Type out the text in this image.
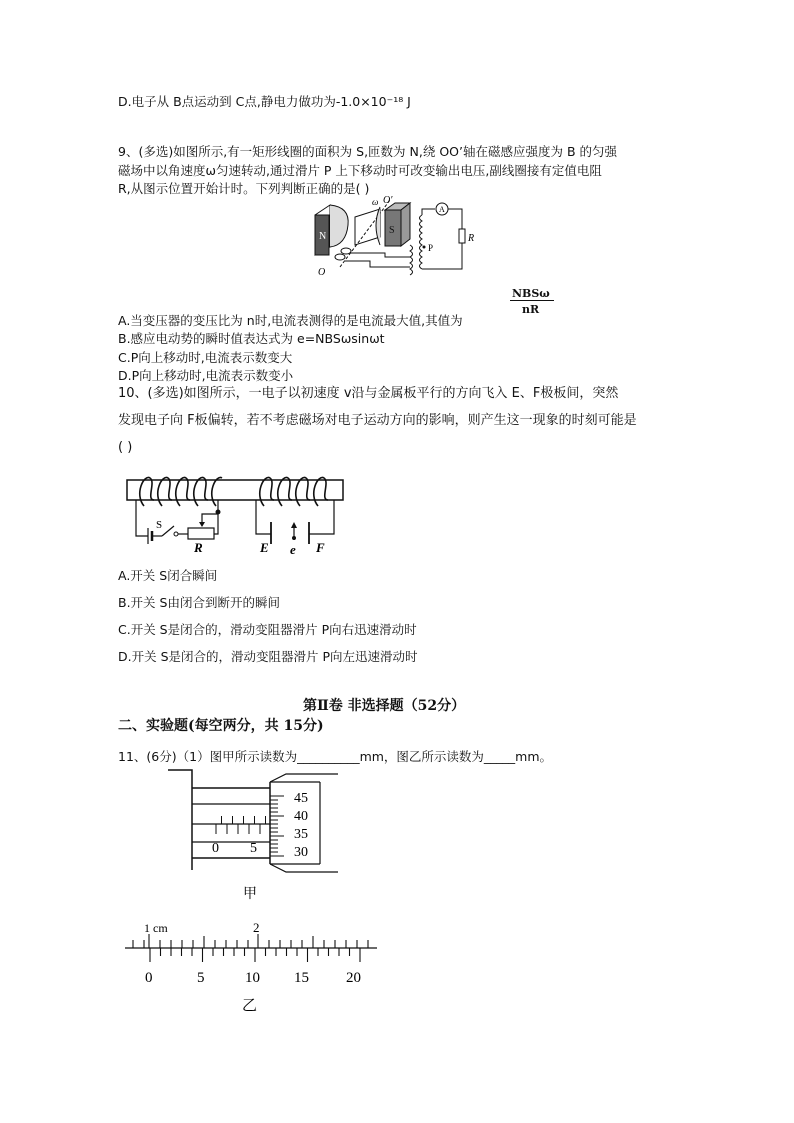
D.电子从 B点运动到 C点,静电力做功为-1.0×10⁻¹⁸ J
9、(多选)如图所示,有一矩形线圈的面积为 S,匝数为 N,绕 OO’轴在磁感应强度为 B 的匀强
磁场中以角速度ω匀速转动,通过滑片 P 上下移动时可改变输出电压,副线圈接有定值电阻
R,从图示位置开始计时。下列判断正确的是( )
N
S
ω O′
O
P
A
R
NBSω
nR
A.当变压器的变压比为 n时,电流表测得的是电流最大值,其值为
B.感应电动势的瞬时值表达式为 e=NBSωsinωt
C.P向上移动时,电流表示数变大
D.P向上移动时,电流表示数变小
10、(多选)如图所示，一电子以初速度 v沿与金属板平行的方向飞入 E、F极板间，突然
发现电子向 F板偏转，若不考虑磁场对电子运动方向的影响，则产生这一现象的时刻可能是
( )
S
R	E e F
A.开关 S闭合瞬间
B.开关 S由闭合到断开的瞬间
C.开关 S是闭合的，滑动变阻器滑片 P向右迅速滑动时
D.开关 S是闭合的，滑动变阻器滑片 P向左迅速滑动时
第Ⅱ卷 非选择题（52分）
二、实验题(每空两分，共 15分)
11、(6分)（1）图甲所示读数为__________mm，图乙所示读数为_____mm。
0 5
45
40
35
30
甲
1 cm	2
0	5	10 15 20
乙
